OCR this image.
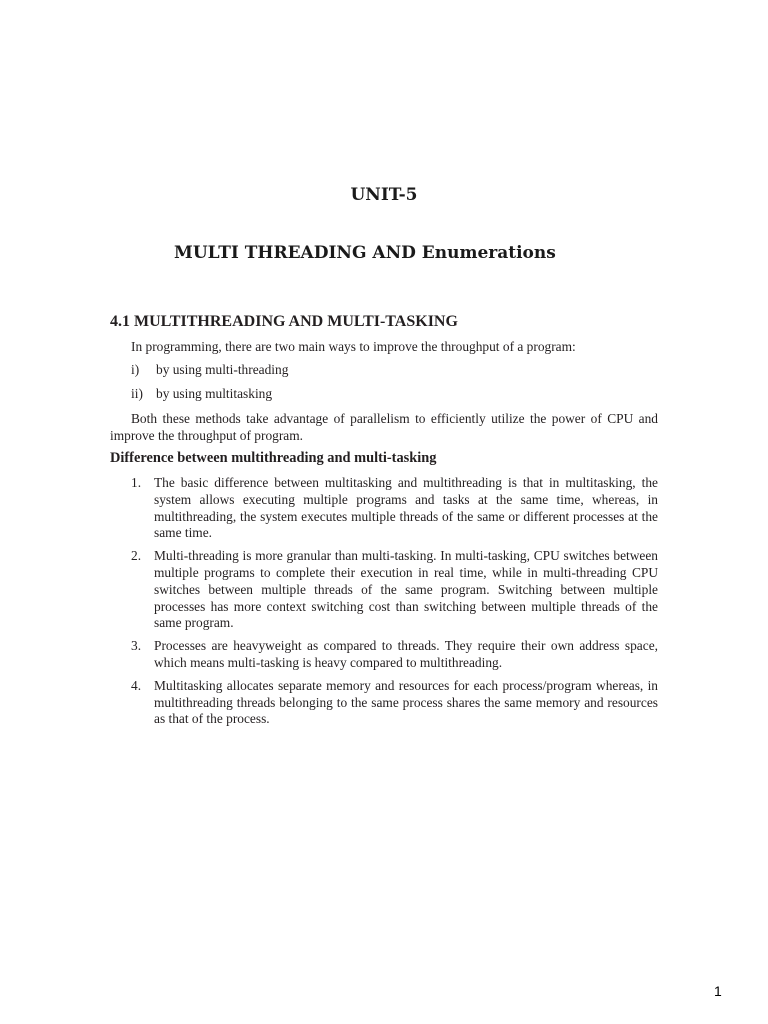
UNIT-5
MULTI THREADING AND Enumerations
4.1 MULTITHREADING AND MULTI-TASKING

In programming, there are two main ways to improve the throughput of a program:

i) by using multi-threading

ii) by using multitasking

Both these methods take advantage of parallelism to efficiently utilize the power of CPU and improve the throughput of program.

Difference between multithreading and multi-tasking
1. The basic difference between multitasking and multithreading is that in multitasking, the system allows executing multiple programs and tasks at the same time, whereas, in multithreading, the system executes multiple threads of the same or different processes at the same time.
2. Multi-threading is more granular than multi-tasking. In multi-tasking, CPU switches between multiple programs to complete their execution in real time, while in multi-threading CPU switches between multiple threads of the same program. Switching between multiple processes has more context switching cost than switching between multiple threads of the same program.
3. Processes are heavyweight as compared to threads. They require their own address space, which means multi-tasking is heavy compared to multithreading.
4. Multitasking allocates separate memory and resources for each process/program whereas, in multithreading threads belonging to the same process shares the same memory and resources as that of the process.

1
